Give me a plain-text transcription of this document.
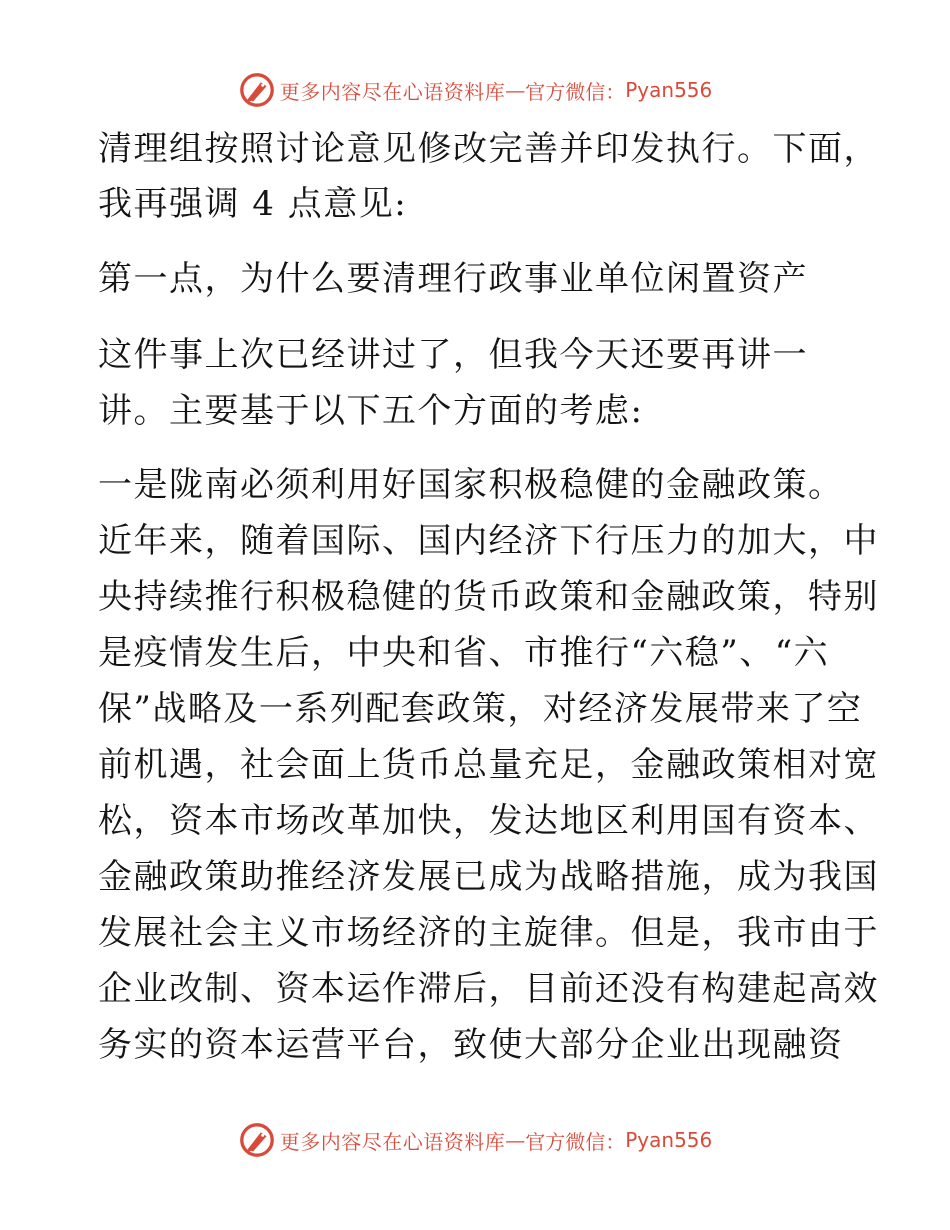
更多内容尽在心语资料库 — 官方微信： Pyan556
清理组按照讨论意见修改完善并印发执行。下面，
我再强调 4 点意见:
第一点，为什么要清理行政事业单位闲置资产
这件事上次已经讲过了，但我今天还要再讲一
讲。主要基于以下五个方面的考虑:
一是陇南必须利用好国家积极稳健的金融政策。
近年来，随着国际、国内经济下行压力的加大，中
央持续推行积极稳健的货币政策和金融政策，特别
是疫情发生后，中央和省、市推行“六稳”、“六
保”战略及一系列配套政策，对经济发展带来了空
前机遇，社会面上货币总量充足，金融政策相对宽
松，资本市场改革加快，发达地区利用国有资本、
金融政策助推经济发展已成为战略措施，成为我国
发展社会主义市场经济的主旋律。但是，我市由于
企业改制、资本运作滞后，目前还没有构建起高效
务实的资本运营平台，致使大部分企业出现融资
更多内容尽在心语资料库 — 官方微信： Pyan556
